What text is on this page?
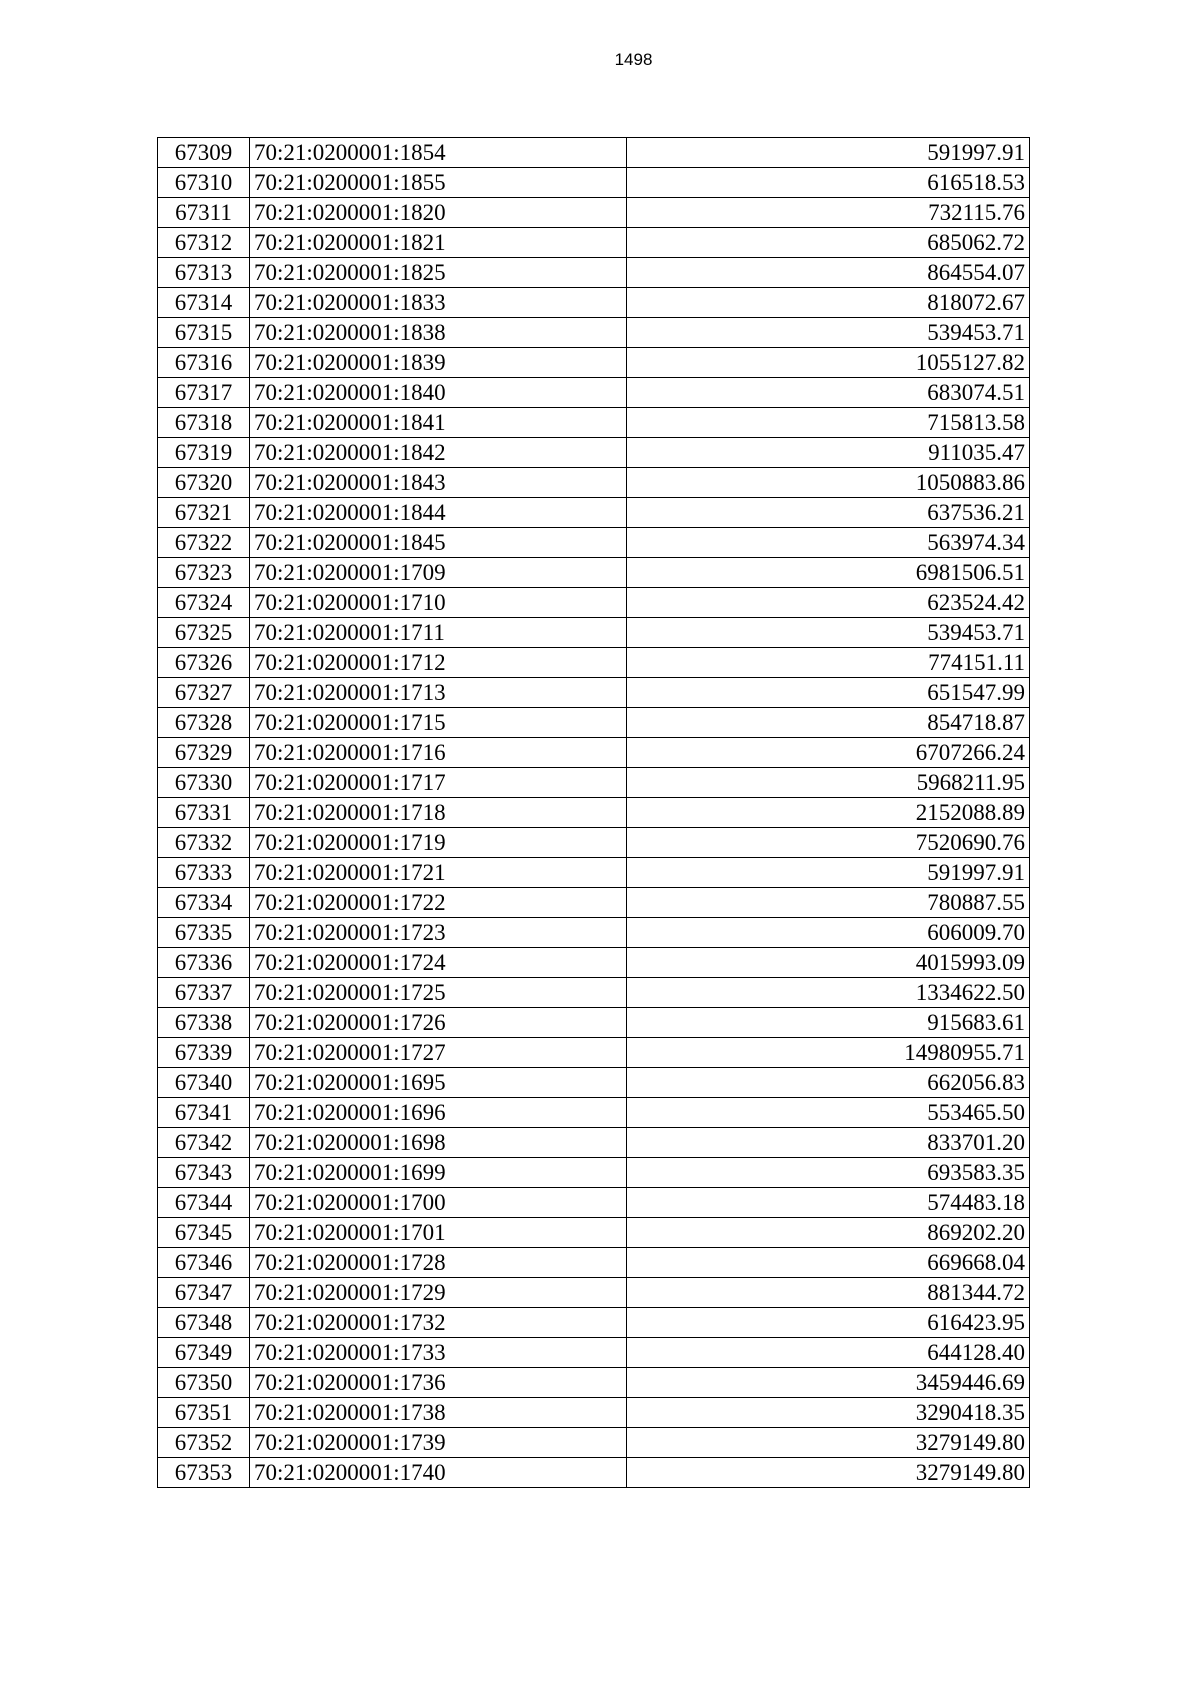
1498
67309	70:21:0200001:1854	591997.91
67310	70:21:0200001:1855	616518.53
67311	70:21:0200001:1820	732115.76
67312	70:21:0200001:1821	685062.72
67313	70:21:0200001:1825	864554.07
67314	70:21:0200001:1833	818072.67
67315	70:21:0200001:1838	539453.71
67316	70:21:0200001:1839	1055127.82
67317	70:21:0200001:1840	683074.51
67318	70:21:0200001:1841	715813.58
67319	70:21:0200001:1842	911035.47
67320	70:21:0200001:1843	1050883.86
67321	70:21:0200001:1844	637536.21
67322	70:21:0200001:1845	563974.34
67323	70:21:0200001:1709	6981506.51
67324	70:21:0200001:1710	623524.42
67325	70:21:0200001:1711	539453.71
67326	70:21:0200001:1712	774151.11
67327	70:21:0200001:1713	651547.99
67328	70:21:0200001:1715	854718.87
67329	70:21:0200001:1716	6707266.24
67330	70:21:0200001:1717	5968211.95
67331	70:21:0200001:1718	2152088.89
67332	70:21:0200001:1719	7520690.76
67333	70:21:0200001:1721	591997.91
67334	70:21:0200001:1722	780887.55
67335	70:21:0200001:1723	606009.70
67336	70:21:0200001:1724	4015993.09
67337	70:21:0200001:1725	1334622.50
67338	70:21:0200001:1726	915683.61
67339	70:21:0200001:1727	14980955.71
67340	70:21:0200001:1695	662056.83
67341	70:21:0200001:1696	553465.50
67342	70:21:0200001:1698	833701.20
67343	70:21:0200001:1699	693583.35
67344	70:21:0200001:1700	574483.18
67345	70:21:0200001:1701	869202.20
67346	70:21:0200001:1728	669668.04
67347	70:21:0200001:1729	881344.72
67348	70:21:0200001:1732	616423.95
67349	70:21:0200001:1733	644128.40
67350	70:21:0200001:1736	3459446.69
67351	70:21:0200001:1738	3290418.35
67352	70:21:0200001:1739	3279149.80
67353	70:21:0200001:1740	3279149.80
